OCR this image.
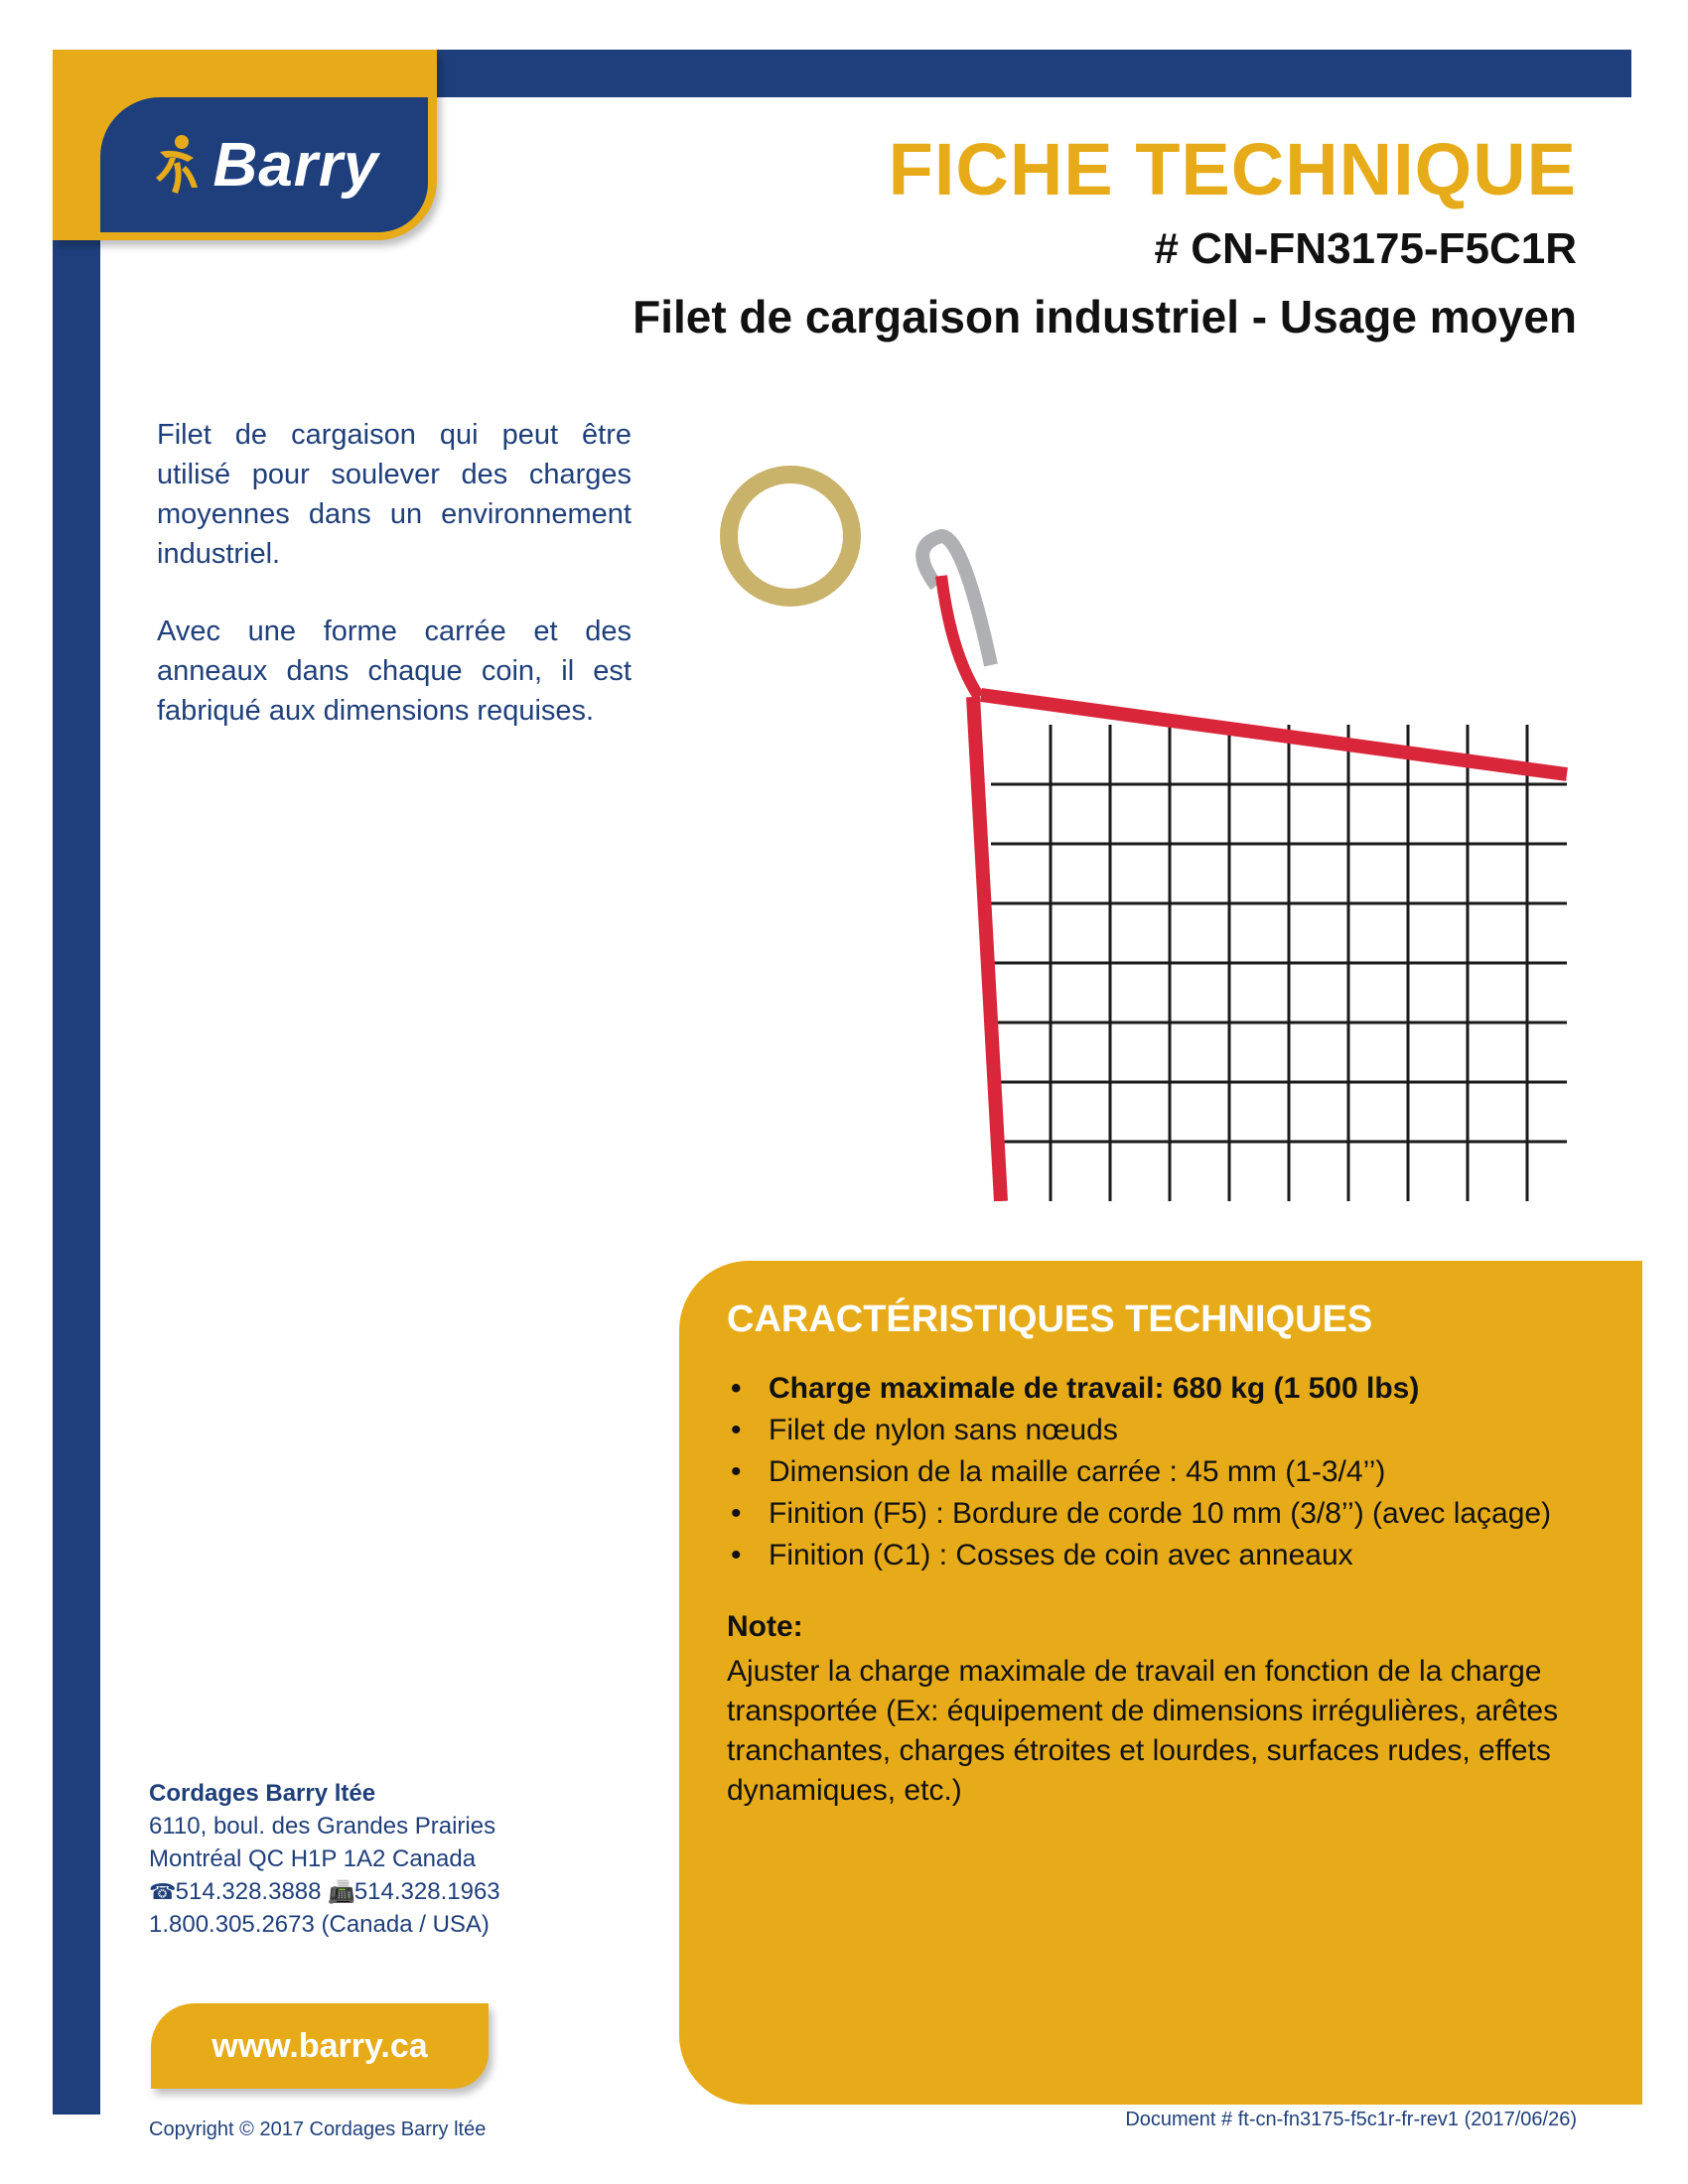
Barry	FICHE TECHNIQUE
# CN-FN3175-F5C1R
Filet de cargaison industriel - Usage moyen

Filet de cargaison qui peut être utilisé pour soulever des charges moyennes dans un environnement industriel.

Avec une forme carrée et des anneaux dans chaque coin, il est fabriqué aux dimensions requises.

CARACTÉRISTIQUES TECHNIQUES
• Charge maximale de travail: 680 kg (1 500 lbs)
• Filet de nylon sans nœuds
• Dimension de la maille carrée : 45 mm (1-3/4’’)
• Finition (F5) : Bordure de corde 10 mm (3/8’’) (avec laçage)
• Finition (C1) : Cosses de coin avec anneaux
Note:

Ajuster la charge maximale de travail en fonction de la charge transportée (Ex: équipement de dimensions irrégulières, arêtes tranchantes, charges étroites et lourdes, surfaces rudes, effets dynamiques, etc.)

Cordages Barry ltée
6110, boul. des Grandes Prairies
Montréal QC H1P 1A2 Canada
☎ 514.328.3888 📠 514.328.1963
1.800.305.2673 (Canada / USA)
www.barry.ca
Copyright © 2017 Cordages Barry ltée	Document # ft-cn-fn3175-f5c1r-fr-rev1 (2017/06/26)
